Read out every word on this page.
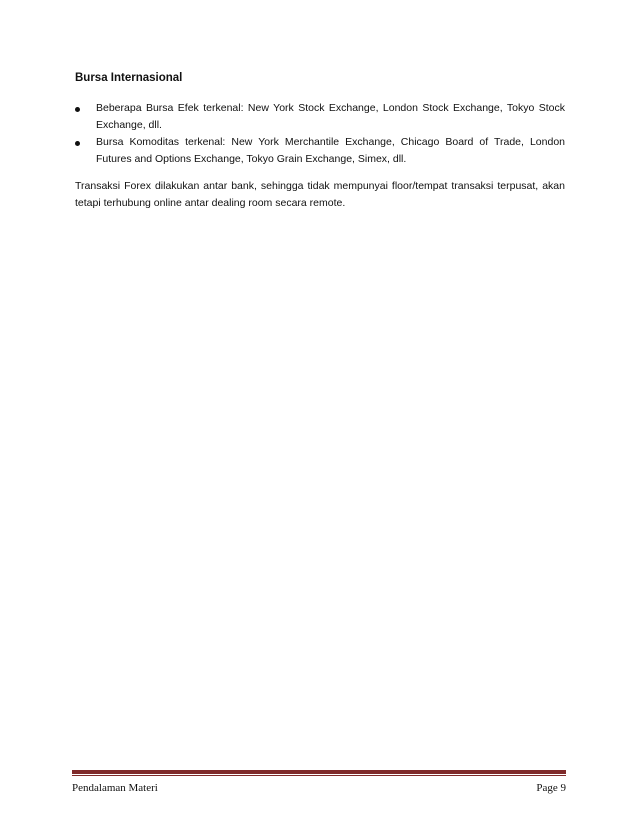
Bursa Internasional
Beberapa Bursa Efek terkenal: New York Stock Exchange, London Stock Exchange, Tokyo Stock Exchange, dll.
Bursa Komoditas terkenal: New York Merchantile Exchange, Chicago Board of Trade, London Futures and Options Exchange, Tokyo Grain Exchange, Simex, dll.

Transaksi Forex dilakukan antar bank, sehingga tidak mempunyai floor/tempat transaksi terpusat, akan tetapi terhubung online antar dealing room secara remote.

Pendalaman Materi	Page 9
